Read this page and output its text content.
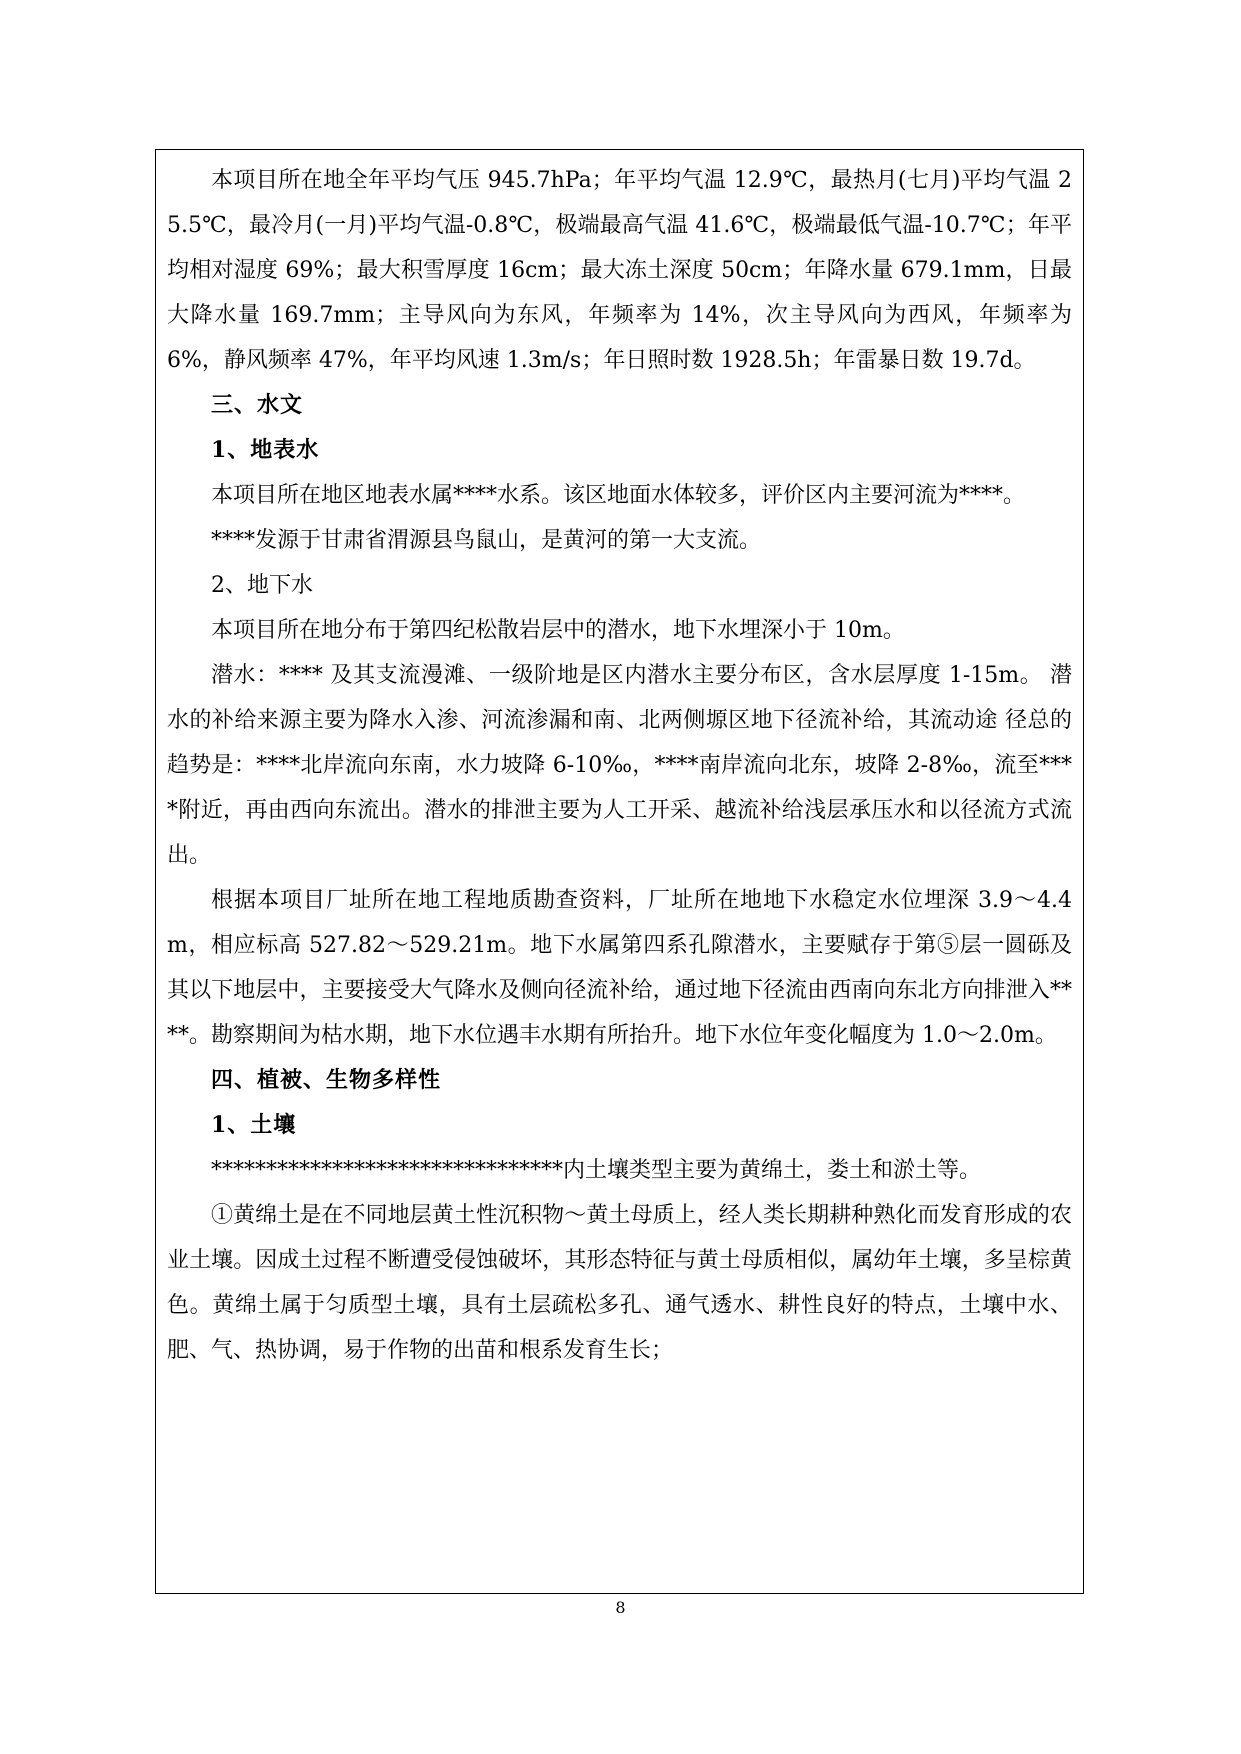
本项目所在地全年平均气压 945.7hPa；年平均气温 12.9℃，最热月(七月)平均气温 25.5℃，最冷月(一月)平均气温-0.8℃，极端最高气温 41.6℃，极端最低气温-10.7℃；年平均相对湿度 69%；最大积雪厚度 16cm；最大冻土深度 50cm；年降水量 679.1mm，日最大降水量 169.7mm；主导风向为东风，年频率为 14%，次主导风向为西风，年频率为 6%，静风频率 47%，年平均风速 1.3m/s；年日照时数 1928.5h；年雷暴日数 19.7d。

三、水文

1、地表水

本项目所在地区地表水属****水系。该区地面水体较多，评价区内主要河流为****。

****发源于甘肃省渭源县鸟鼠山，是黄河的第一大支流。

2、地下水

本项目所在地分布于第四纪松散岩层中的潜水，地下水埋深小于 10m。

潜水：**** 及其支流漫滩、一级阶地是区内潜水主要分布区，含水层厚度 1-15m。 潜水的补给来源主要为降水入渗、河流渗漏和南、北两侧塬区地下径流补给，其流动途 径总的趋势是：****北岸流向东南，水力坡降 6-10‰，****南岸流向北东，坡降 2-8‰，流至****附近，再由西向东流出。潜水的排泄主要为人工开采、越流补给浅层承压水和以径流方式流出。

根据本项目厂址所在地工程地质勘查资料，厂址所在地地下水稳定水位埋深 3.9～4.4m，相应标高 527.82～529.21m。地下水属第四系孔隙潜水，主要赋存于第⑤层一圆砾及其以下地层中，主要接受大气降水及侧向径流补给，通过地下径流由西南向东北方向排泄入****。勘察期间为枯水期，地下水位遇丰水期有所抬升。地下水位年变化幅度为 1.0～2.0m。

四、植被、生物多样性

1、土壤

********************************内土壤类型主要为黄绵土，娄土和淤土等。

①黄绵土是在不同地层黄土性沉积物～黄土母质上，经人类长期耕种熟化而发育形成的农业土壤。因成土过程不断遭受侵蚀破坏，其形态特征与黄土母质相似，属幼年土壤，多呈棕黄色。黄绵土属于匀质型土壤，具有土层疏松多孔、通气透水、耕性良好的特点，土壤中水、肥、气、热协调，易于作物的出苗和根系发育生长；

8
